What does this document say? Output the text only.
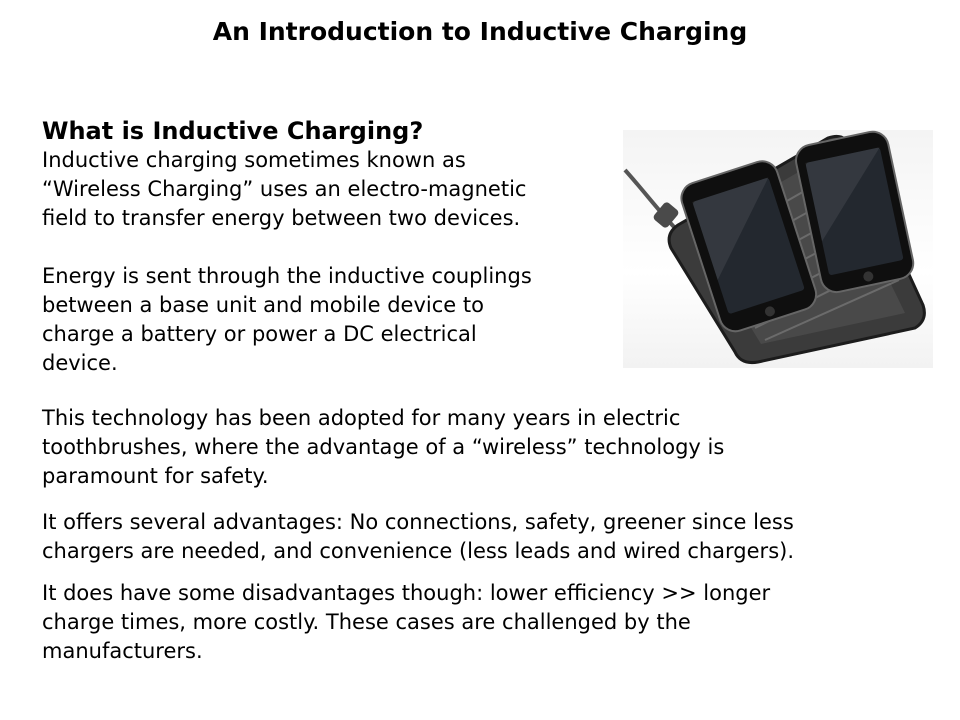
An Introduction to Inductive Charging
What is Inductive Charging?
Inductive charging sometimes known as
“Wireless Charging” uses an electro-magnetic
field to transfer energy between two devices.
Energy is sent through the inductive couplings
between a base unit and mobile device to
charge a battery or power a DC electrical
device.
This technology has been adopted for many years in electric
toothbrushes, where the advantage of a “wireless” technology is
paramount for safety.
It offers several advantages: No connections, safety, greener since less
chargers are needed, and convenience (less leads and wired chargers).
It does have some disadvantages though: lower efficiency >> longer
charge times, more costly. These cases are challenged by the
manufacturers.
